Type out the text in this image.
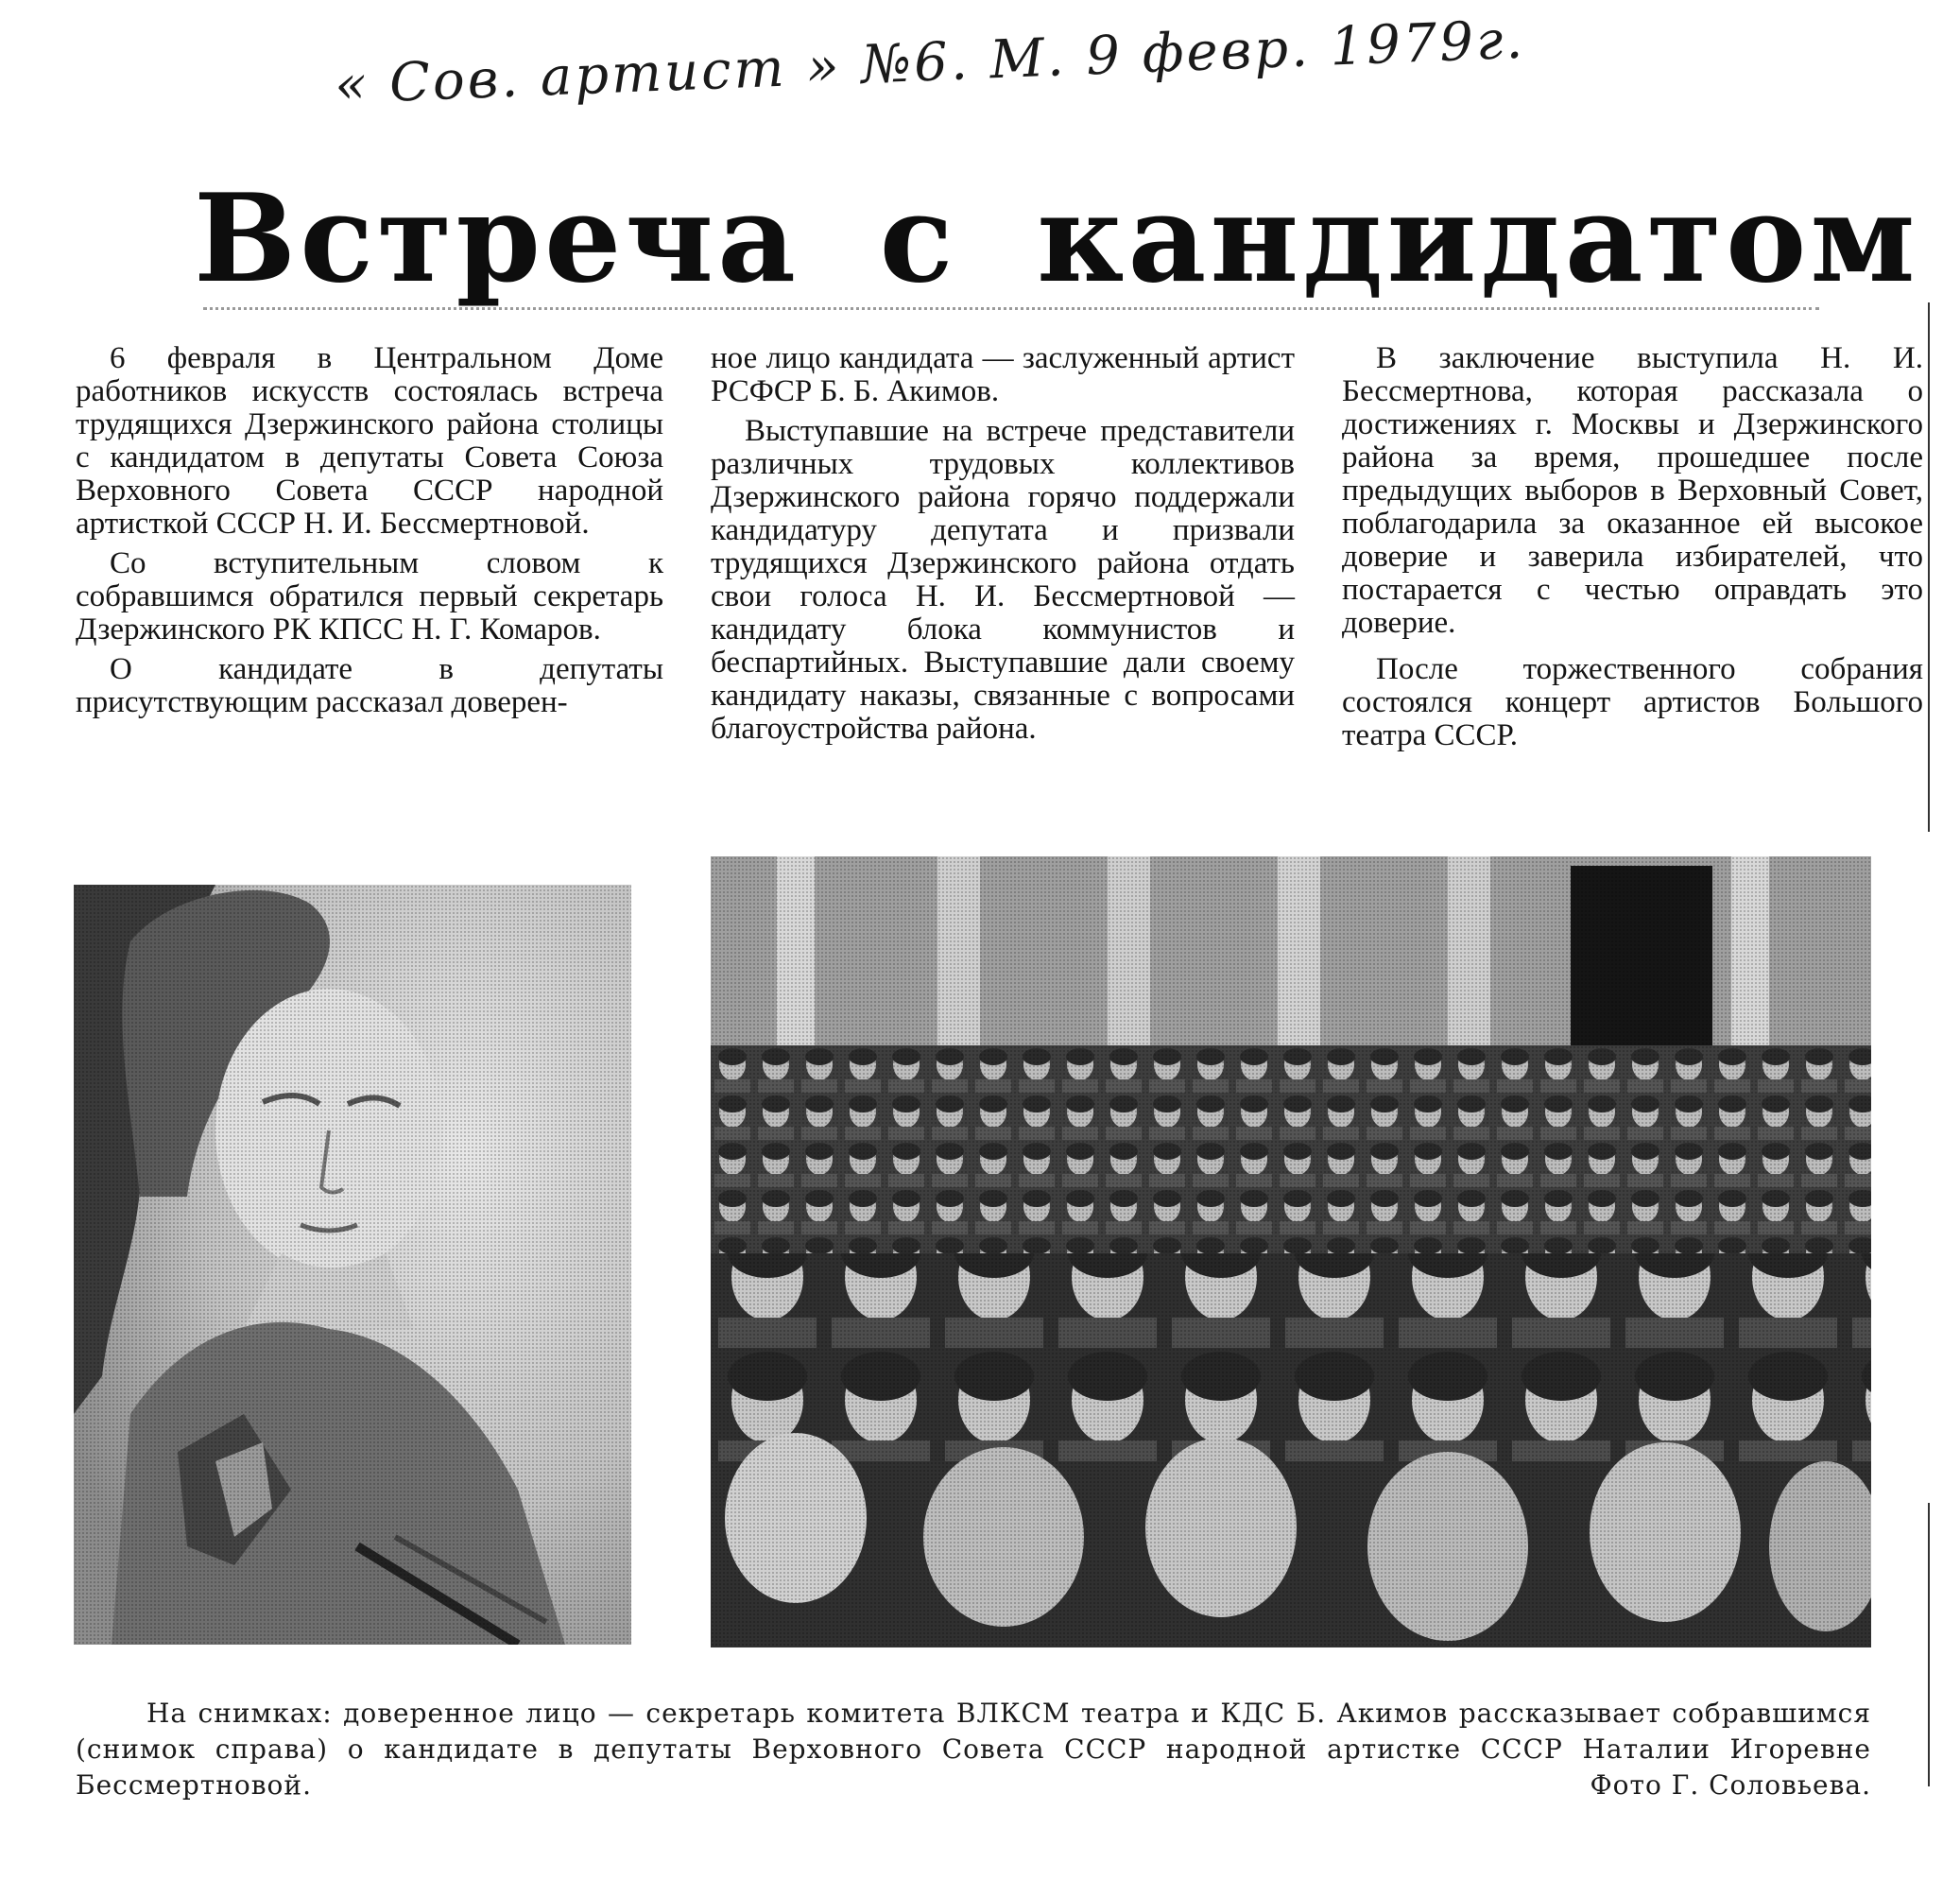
« Сов. артист » №6. М. 9 февр. 1979г.
Встреча с кандидатом

6 февраля в Центральном Доме работников искусств состоялась встреча трудящихся Дзержинского района столицы с кандидатом в депутаты Совета Союза Верховного Совета СССР народной артисткой СССР Н. И. Бессмертновой.

Со вступительным словом к собравшимся обратился первый секретарь Дзержинского РК КПСС Н. Г. Комаров.

О кандидате в депутаты присутствующим рассказал доверен-

ное лицо кандидата — заслуженный артист РСФСР Б. Б. Акимов.

Выступавшие на встрече представители различных трудовых коллективов Дзержинского района горячо поддержали кандидатуру депутата и призвали трудящихся Дзержинского района отдать свои голоса Н. И. Бессмертновой — кандидату блока коммунистов и беспартийных. Выступавшие дали своему кандидату наказы, связанные с вопросами благоустройства района.

В заключение выступила Н. И. Бессмертнова, которая рассказала о достижениях г. Москвы и Дзержинского района за время, прошедшее после предыдущих выборов в Верховный Совет, поблагодарила за оказанное ей высокое доверие и заверила избирателей, что постарается с честью оправдать это доверие.

После торжественного собрания состоялся концерт артистов Большого театра СССР.

На снимках: доверенное лицо — секретарь комитета ВЛКСМ театра и КДС Б. Акимов рассказывает собравшимся (снимок справа) о кандидате в депутаты Верховного Совета СССР народной артистке СССР Наталии Игоревне Бессмертновой.	Фото Г. Соловьева.
